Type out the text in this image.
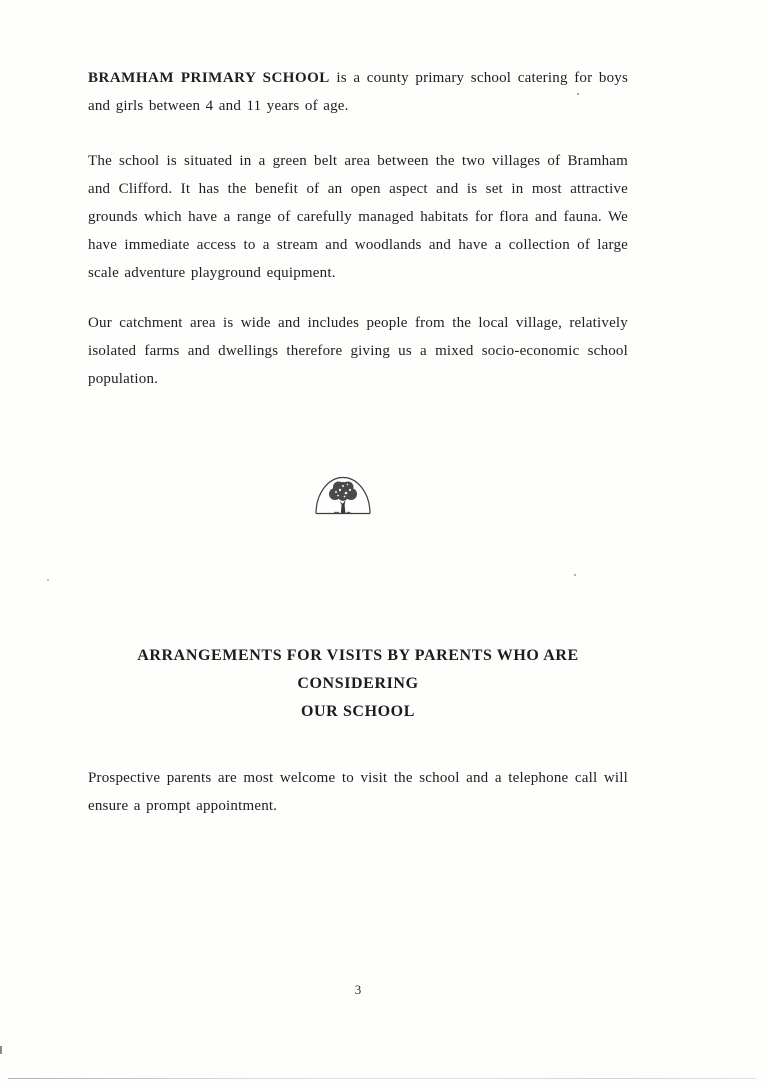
BRAMHAM PRIMARY SCHOOL is a county primary school catering for boys and girls between 4 and 11 years of age.

The school is situated in a green belt area between the two villages of Bramham and Clifford. It has the benefit of an open aspect and is set in most attractive grounds which have a range of carefully managed habitats for flora and fauna. We have immediate access to a stream and woodlands and have a collection of large scale adventure playground equipment.

Our catchment area is wide and includes people from the local village, relatively isolated farms and dwellings therefore giving us a mixed socio-economic school population.

ARRANGEMENTS FOR VISITS BY PARENTS WHO ARE CONSIDERING
OUR SCHOOL

Prospective parents are most welcome to visit the school and a telephone call will ensure a prompt appointment.

3
